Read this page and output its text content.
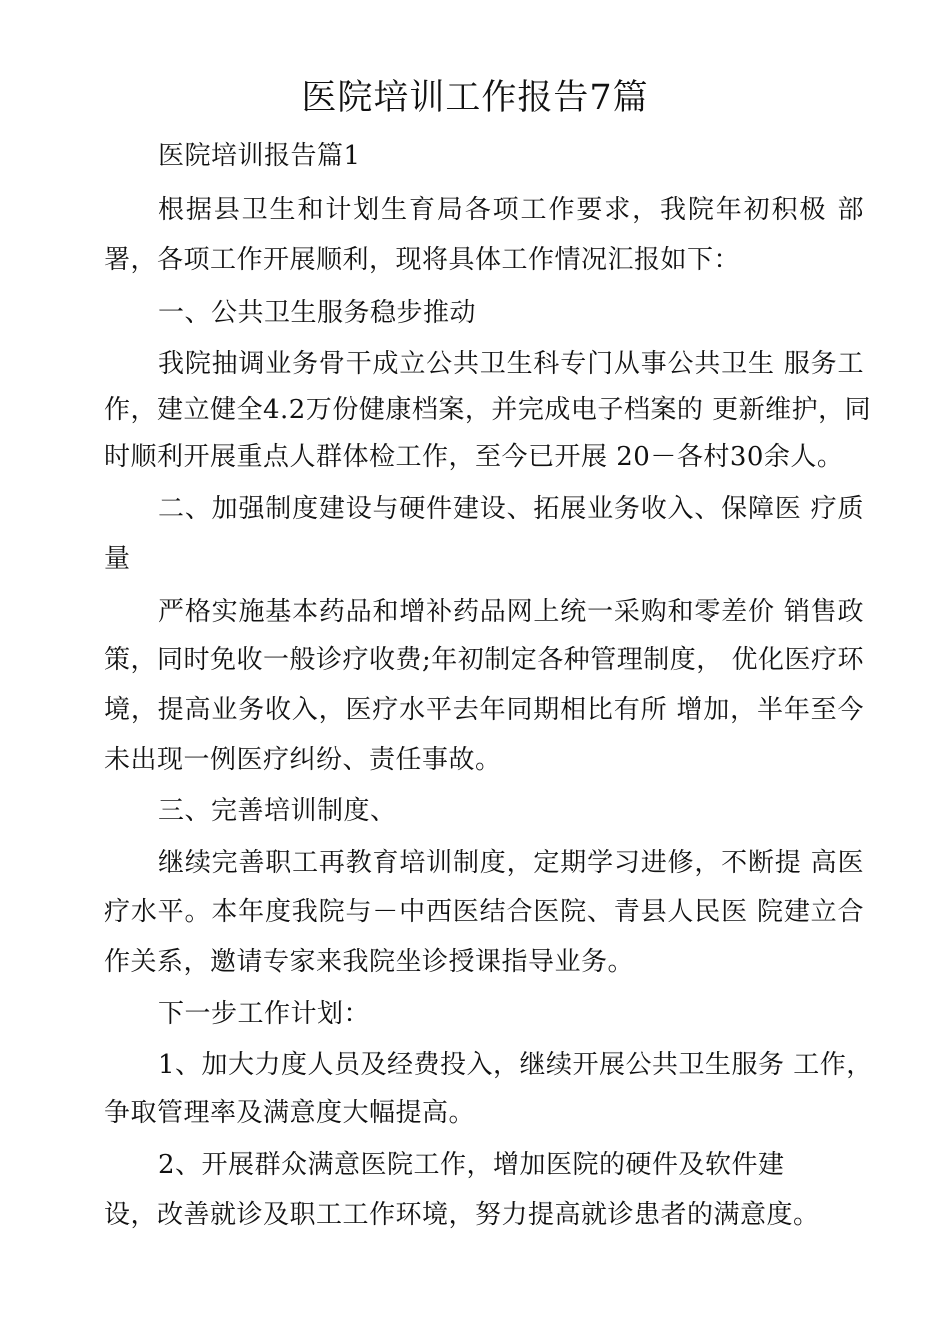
医院培训工作报告7篇
医院培训报告篇1
根据县卫生和计划生育局各项工作要求，我院年初积极 部
署，各项工作开展顺利，现将具体工作情况汇报如下：
一、公共卫生服务稳步推动
我院抽调业务骨干成立公共卫生科专门从事公共卫生 服务工
作，建立健全4.2万份健康档案，并完成电子档案的 更新维护，同
时顺利开展重点人群体检工作，至今已开展 20－各村30余人。
二、加强制度建设与硬件建设、拓展业务收入、保障医 疗质
量
严格实施基本药品和增补药品网上统一采购和零差价 销售政
策，同时免收一般诊疗收费;年初制定各种管理制度， 优化医疗环
境，提高业务收入，医疗水平去年同期相比有所 增加，半年至今
未出现一例医疗纠纷、责任事故。
三、完善培训制度、
继续完善职工再教育培训制度，定期学习进修，不断提 高医
疗水平。本年度我院与－中西医结合医院、青县人民医 院建立合
作关系，邀请专家来我院坐诊授课指导业务。
下一步工作计划：
1、加大力度人员及经费投入，继续开展公共卫生服务 工作，
争取管理率及满意度大幅提高。
2、开展群众满意医院工作，增加医院的硬件及软件建
设，改善就诊及职工工作环境，努力提高就诊患者的满意度。
